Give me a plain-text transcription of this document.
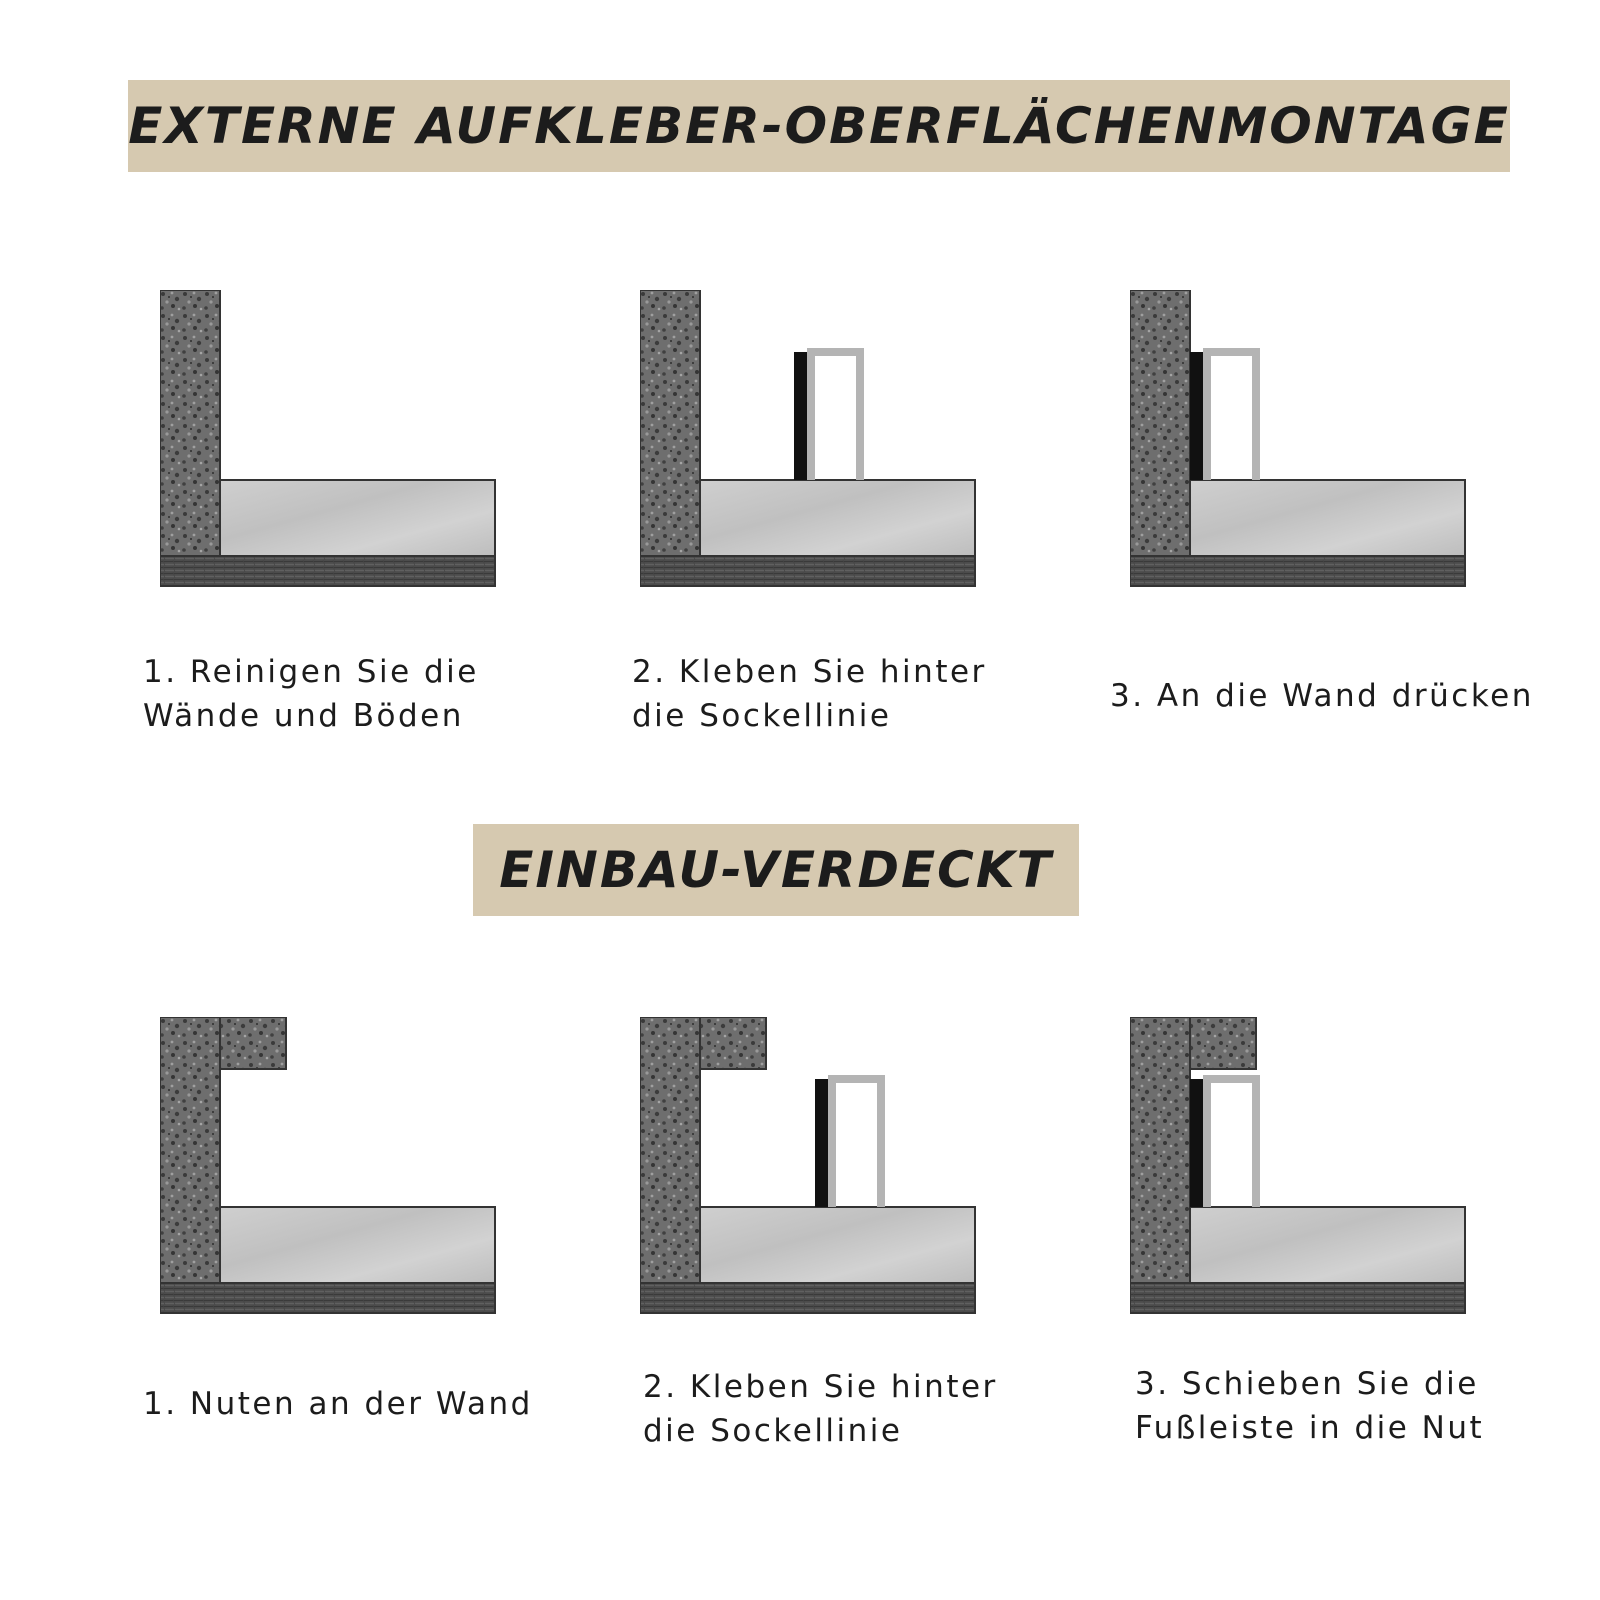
EXTERNE AUFKLEBER-OBERFLÄCHENMONTAGE
1. Reinigen Sie die
Wände und Böden
2. Kleben Sie hinter
die Sockellinie
3. An die Wand drücken
EINBAU-VERDECKT
1. Nuten an der Wand	2. Kleben Sie hinter
die Sockellinie
3. Schieben Sie die
Fußleiste in die Nut
